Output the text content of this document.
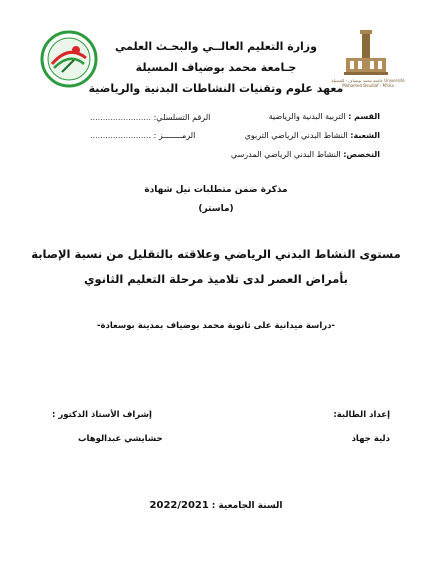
جامعة محمد بوضياف - المسيلة Université Mohamed Boudiaf - M'sila
وزارة التعليم العالــي والبحـث العلمي
جـامعة محمد بوضياف المسيلة
معهد علوم وتقنيات النشاطات البدنية والرياضية
القسم : التربية البدنية والرياضية
الشعبة: النشاط البدني الرياضي التربوي
التخصص: النشاط البدني الرياضي المدرسي
الرقم التسلسلي: ........................
الرمــــــــز : ........................
مذكرة ضمن متطلبات نيل شهادة
(ماستر)
مستوى النشاط البدني الرياضي وعلاقته بالتقليل من نسبة الإصابة
بأمراض العصر لدى تلاميذ مرحلة التعليم الثانوي
-دراسة ميدانية على ثانوية محمد بوضياف بمدينة بوسعادة-
إعداد الطالبة:
دلية جهاد
إشراف الأستاذ الدكتور :
حشايشي عبدالوهاب
السنة الجامعية : 2022/2021
